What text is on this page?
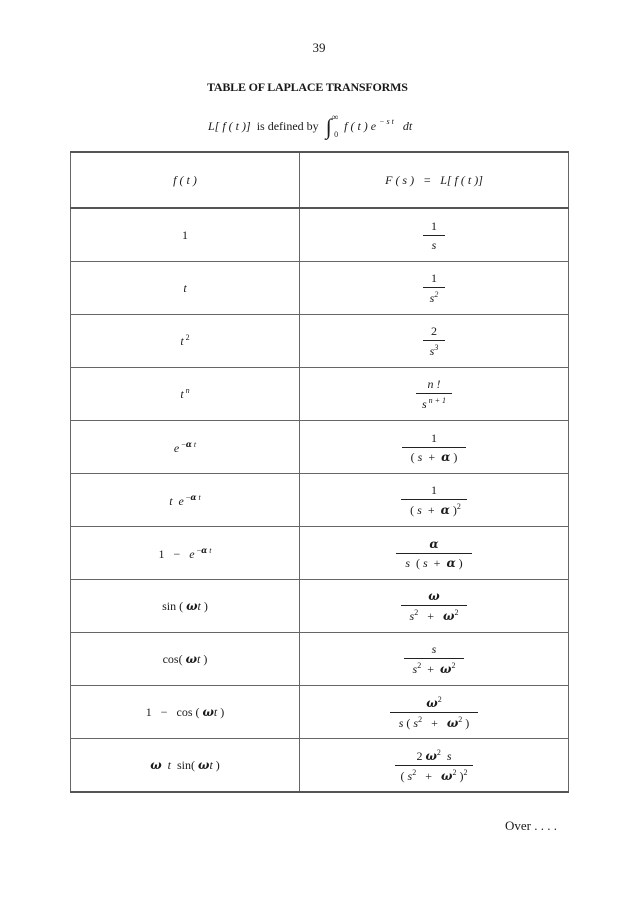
39
TABLE OF LAPLACE TRANSFORMS
L[ f ( t )] is defined by $\int^\infty_0$  f ( t ) e $^{- s t}$ dt
f ( t )	F ( s )   =   L[ f ( t )]
1	$\frac{1}{s}$

t	$\frac{1}{s^2}$

t $^2$	$\frac{2}{s^3}$

t $^n$	$\frac{n !}{s ^{n + 1}}$

e $^{-\alpha t}$	$\frac{1}{( s + \alpha )}$

t e $^{-\alpha t}$	$\frac{1}{( s + \alpha )^2}$

1   −   e $^{-\alpha t}$	$\frac{\alpha}{s ( s + \alpha )}$

sin ( ωt )	$\frac{\omega}{s^2 + \omega^2}$

cos( ωt )	$\frac{s}{s^2 + \omega^2}$

1   −   cos ( ωt )	$\frac{\omega^2}{s ( s^2 + \omega^2 )}$

ω t  sin( ωt )	$\frac{2 \omega^2 s}{( s^2 + \omega^2 )^2}$
Over . . . .
